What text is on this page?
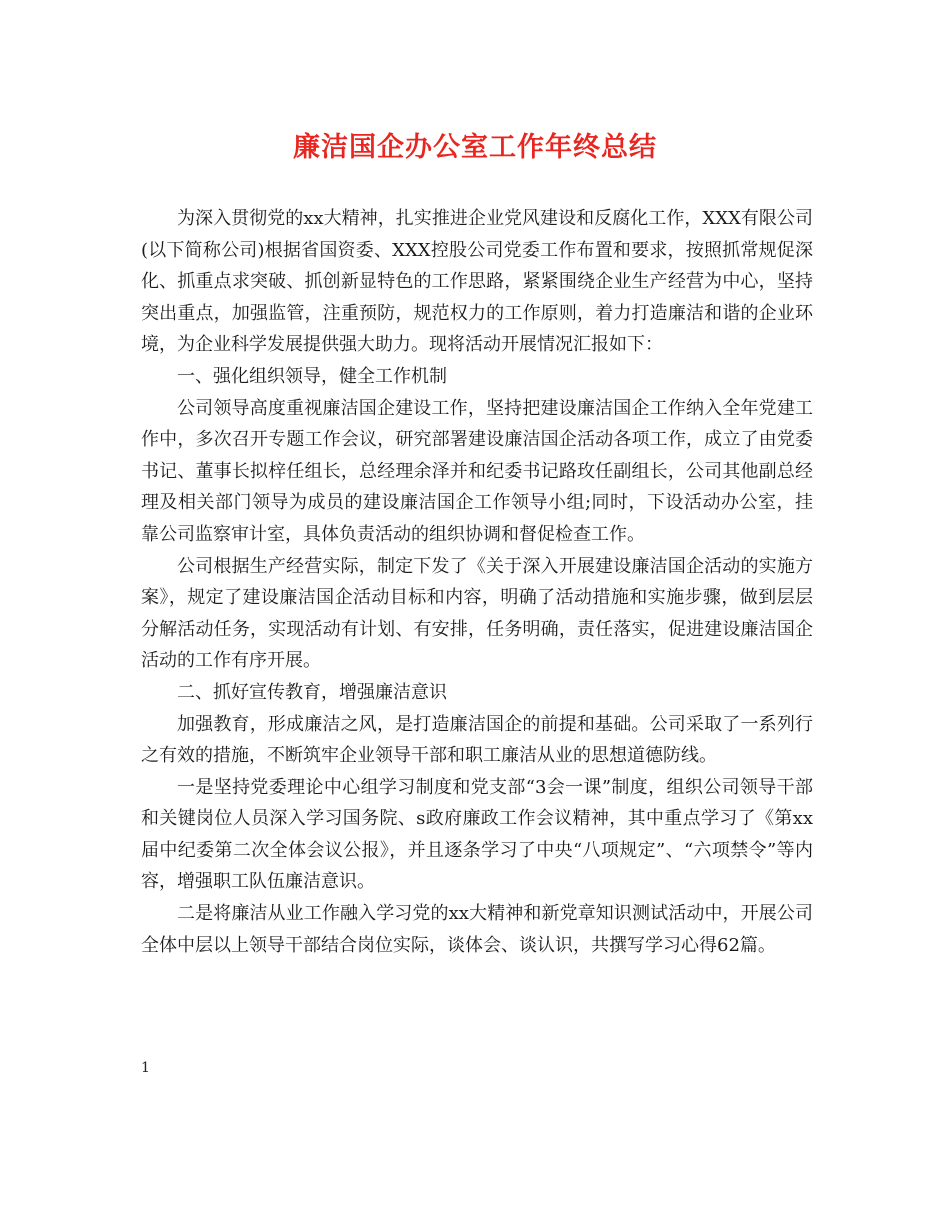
廉洁国企办公室工作年终总结

为深入贯彻党的xx大精神，扎实推进企业党风建设和反腐化工作，XXX有限公司(以下简称公司)根据省国资委、XXX控股公司党委工作布置和要求，按照抓常规促深化、抓重点求突破、抓创新显特色的工作思路，紧紧围绕企业生产经营为中心，坚持突出重点，加强监管，注重预防，规范权力的工作原则，着力打造廉洁和谐的企业环境，为企业科学发展提供强大助力。现将活动开展情况汇报如下：

一、强化组织领导，健全工作机制

公司领导高度重视廉洁国企建设工作，坚持把建设廉洁国企工作纳入全年党建工作中，多次召开专题工作会议，研究部署建设廉洁国企活动各项工作，成立了由党委书记、董事长拟梓任组长，总经理余泽并和纪委书记路玫任副组长，公司其他副总经理及相关部门领导为成员的建设廉洁国企工作领导小组;同时，下设活动办公室，挂靠公司监察审计室，具体负责活动的组织协调和督促检查工作。

公司根据生产经营实际，制定下发了《关于深入开展建设廉洁国企活动的实施方案》，规定了建设廉洁国企活动目标和内容，明确了活动措施和实施步骤，做到层层分解活动任务，实现活动有计划、有安排，任务明确，责任落实，促进建设廉洁国企活动的工作有序开展。

二、抓好宣传教育，增强廉洁意识

加强教育，形成廉洁之风，是打造廉洁国企的前提和基础。公司采取了一系列行之有效的措施，不断筑牢企业领导干部和职工廉洁从业的思想道德防线。

一是坚持党委理论中心组学习制度和党支部“3会一课”制度，组织公司领导干部和关键岗位人员深入学习国务院、s政府廉政工作会议精神，其中重点学习了《第xx届中纪委第二次全体会议公报》，并且逐条学习了中央“八项规定”、“六项禁令”等内容，增强职工队伍廉洁意识。

二是将廉洁从业工作融入学习党的xx大精神和新党章知识测试活动中，开展公司全体中层以上领导干部结合岗位实际，谈体会、谈认识，共撰写学习心得62篇。

1
